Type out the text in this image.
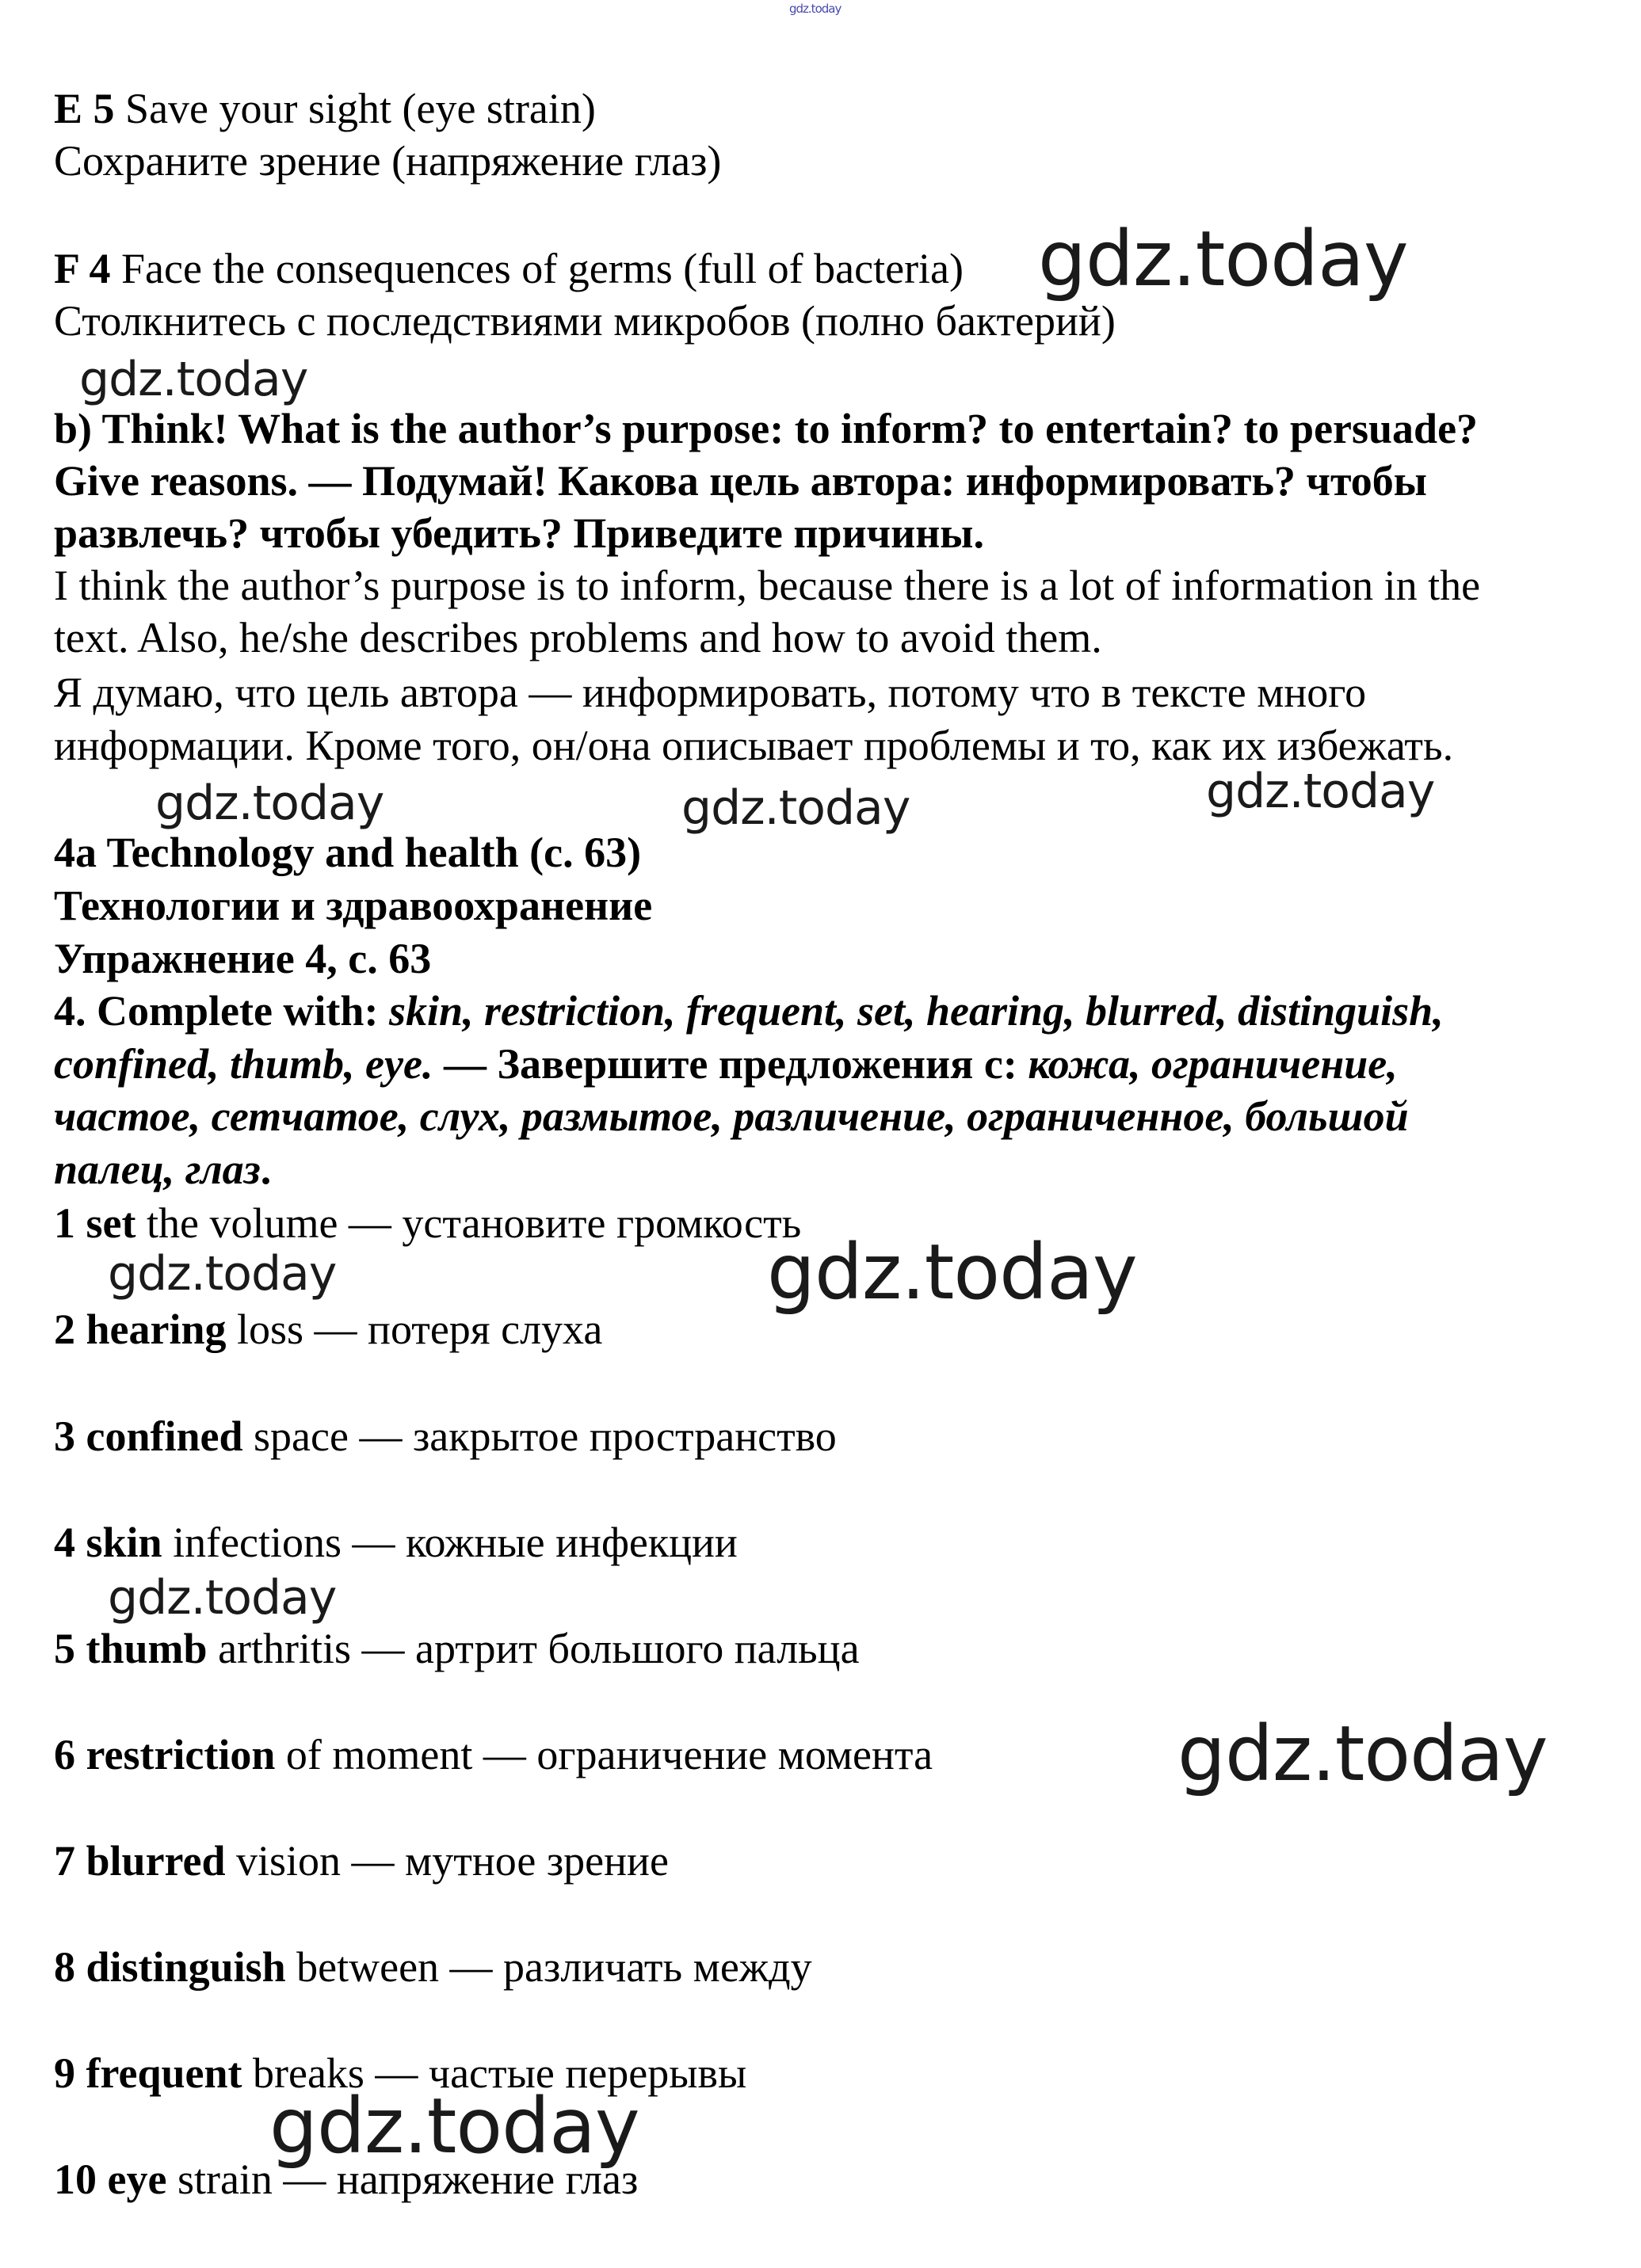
gdz.today
E 5 Save your sight (eye strain)
Сохраните зрение (напряжение глаз)
F 4 Face the consequences of germs (full of bacteria)
Столкнитесь с последствиями микробов (полно бактерий)
b) Think! What is the author’s purpose: to inform? to entertain? to persuade?
Give reasons. — Подумай! Какова цель автора: информировать? чтобы
развлечь? чтобы убедить? Приведите причины.
I think the author’s purpose is to inform, because there is a lot of information in the
text. Also, he/she describes problems and how to avoid them.
Я думаю, что цель автора — информировать, потому что в тексте много
информации. Кроме того, он/она описывает проблемы и то, как их избежать.
4a Technology and health (с. 63)
Технологии и здравоохранение
Упражнение 4, с. 63
4. Complete with: skin, restriction, frequent, set, hearing, blurred, distinguish,
confined, thumb, eye. — Завершите предложения с: кожа, ограничение,
частое, сетчатое, слух, размытое, различение, ограниченное, большой
палец, глаз.
1 set the volume — установите громкость
2 hearing loss — потеря слуха
3 confined space — закрытое пространство
4 skin infections — кожные инфекции
5 thumb arthritis — артрит большого пальца
6 restriction of moment — ограничение момента
7 blurred vision — мутное зрение
8 distinguish between — различать между
9 frequent breaks — частые перерывы
10 eye strain — напряжение глаз
gdz.today
gdz.today
gdz.today	gdz.today	gdz.today
gdz.today	gdz.today
gdz.today
gdz.today
gdz.today
